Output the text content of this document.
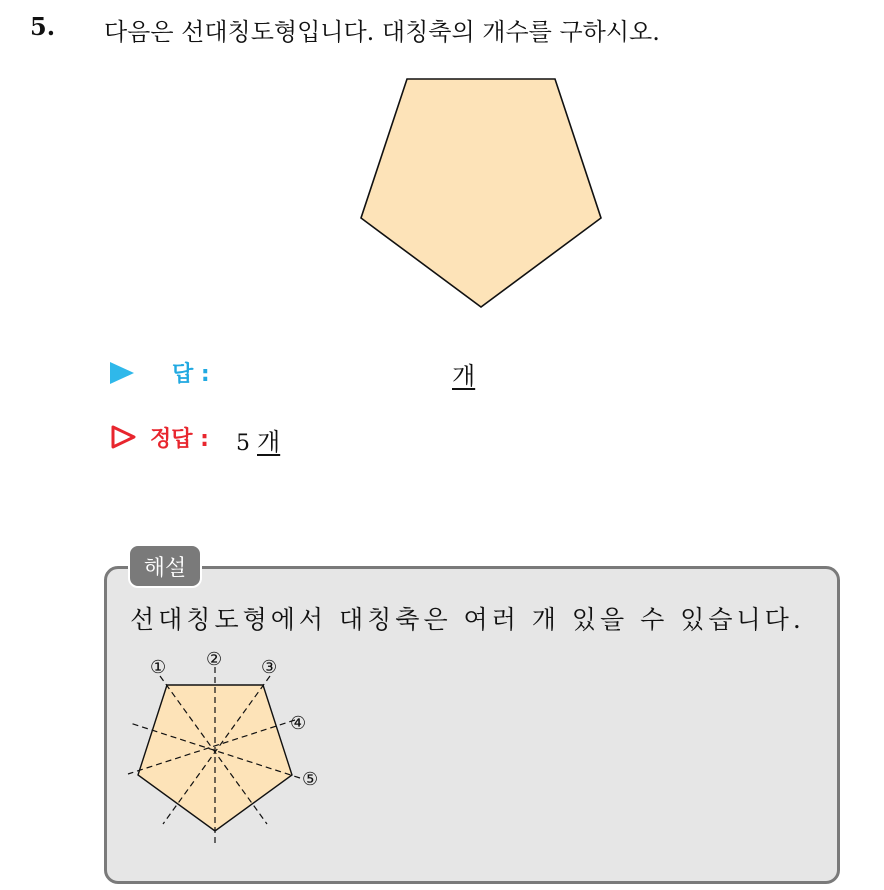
5. 다음은 선대칭도형입니다. 대칭축의 개수를 구하시오.
답 :	개
정답 : 5 개
해설
선대칭도형에서 대칭축은 여러 개 있을 수 있습니다.
① ② ③
④
⑤
